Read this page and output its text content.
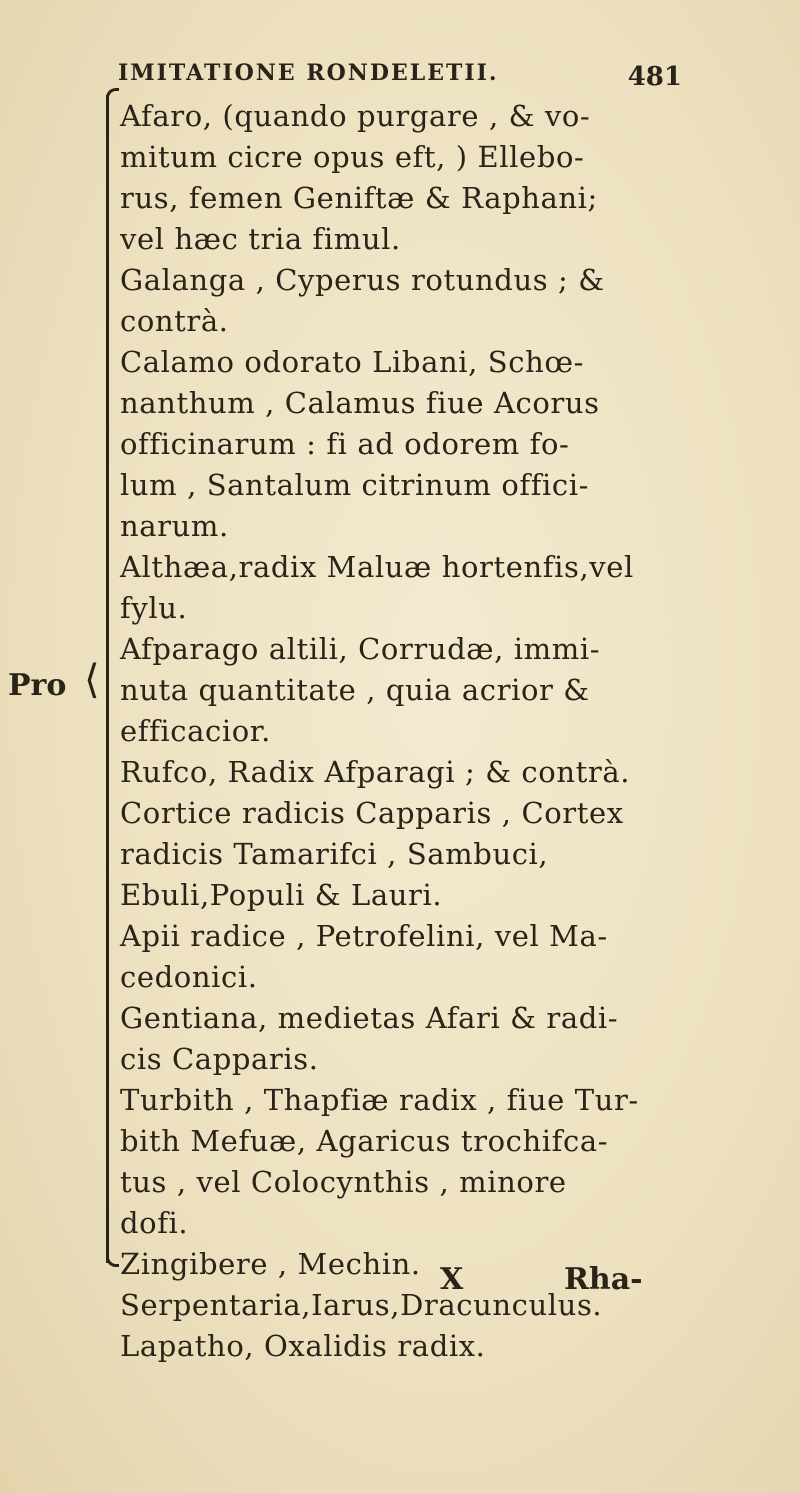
IMITATIONE RONDELETII.	481
Pro ⟨

Afaro, (quando purgare , & vo-
mitum cicre opus eft, ) Ellebo-
rus, femen Geniftæ & Raphani;
vel hæc tria fimul.

Galanga , Cyperus rotundus ; &
contrà.

Calamo odorato Libani, Schœ-
nanthum , Calamus fiue Acorus
officinarum : fi ad odorem fo-
lum , Santalum citrinum offici-
narum.

Althæa,radix Maluæ hortenfis,vel
fylu.

Afparago altili, Corrudæ, immi-
nuta quantitate , quia acrior &
efficacior.

Rufco, Radix Afparagi ; & contrà.

Cortice radicis Capparis , Cortex
radicis Tamarifci , Sambuci,
Ebuli,Populi & Lauri.

Apii radice , Petrofelini, vel Ma-
cedonici.

Gentiana, medietas Afari & radi-
cis Capparis.

Turbith , Thapfiæ radix , fiue Tur-
bith Mefuæ, Agaricus trochifca-
tus , vel Colocynthis , minore
dofi.

Zingibere , Mechin.

Serpentaria,Iarus,Dracunculus.

Lapatho, Oxalidis radix.

X	Rha-
